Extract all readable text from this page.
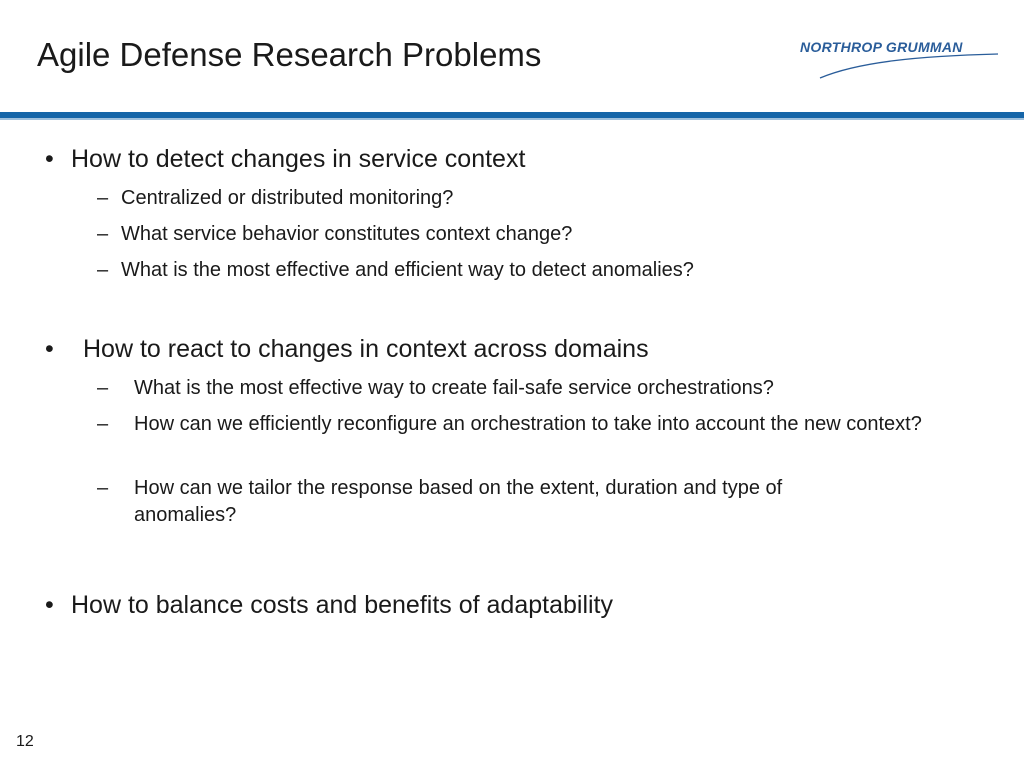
Agile Defense Research Problems	NORTHROP GRUMMAN
• How to detect changes in service context
– Centralized or distributed monitoring?
– What service behavior constitutes context change?
– What is the most effective and efficient way to detect anomalies?
• How to react to changes in context across domains
– What is the most effective way to create fail-safe service orchestrations?
– How can we efficiently reconfigure an orchestration to take into account the new context?
– How can we tailor the response based on the extent, duration and type of anomalies?
• How to balance costs and benefits of adaptability
12
